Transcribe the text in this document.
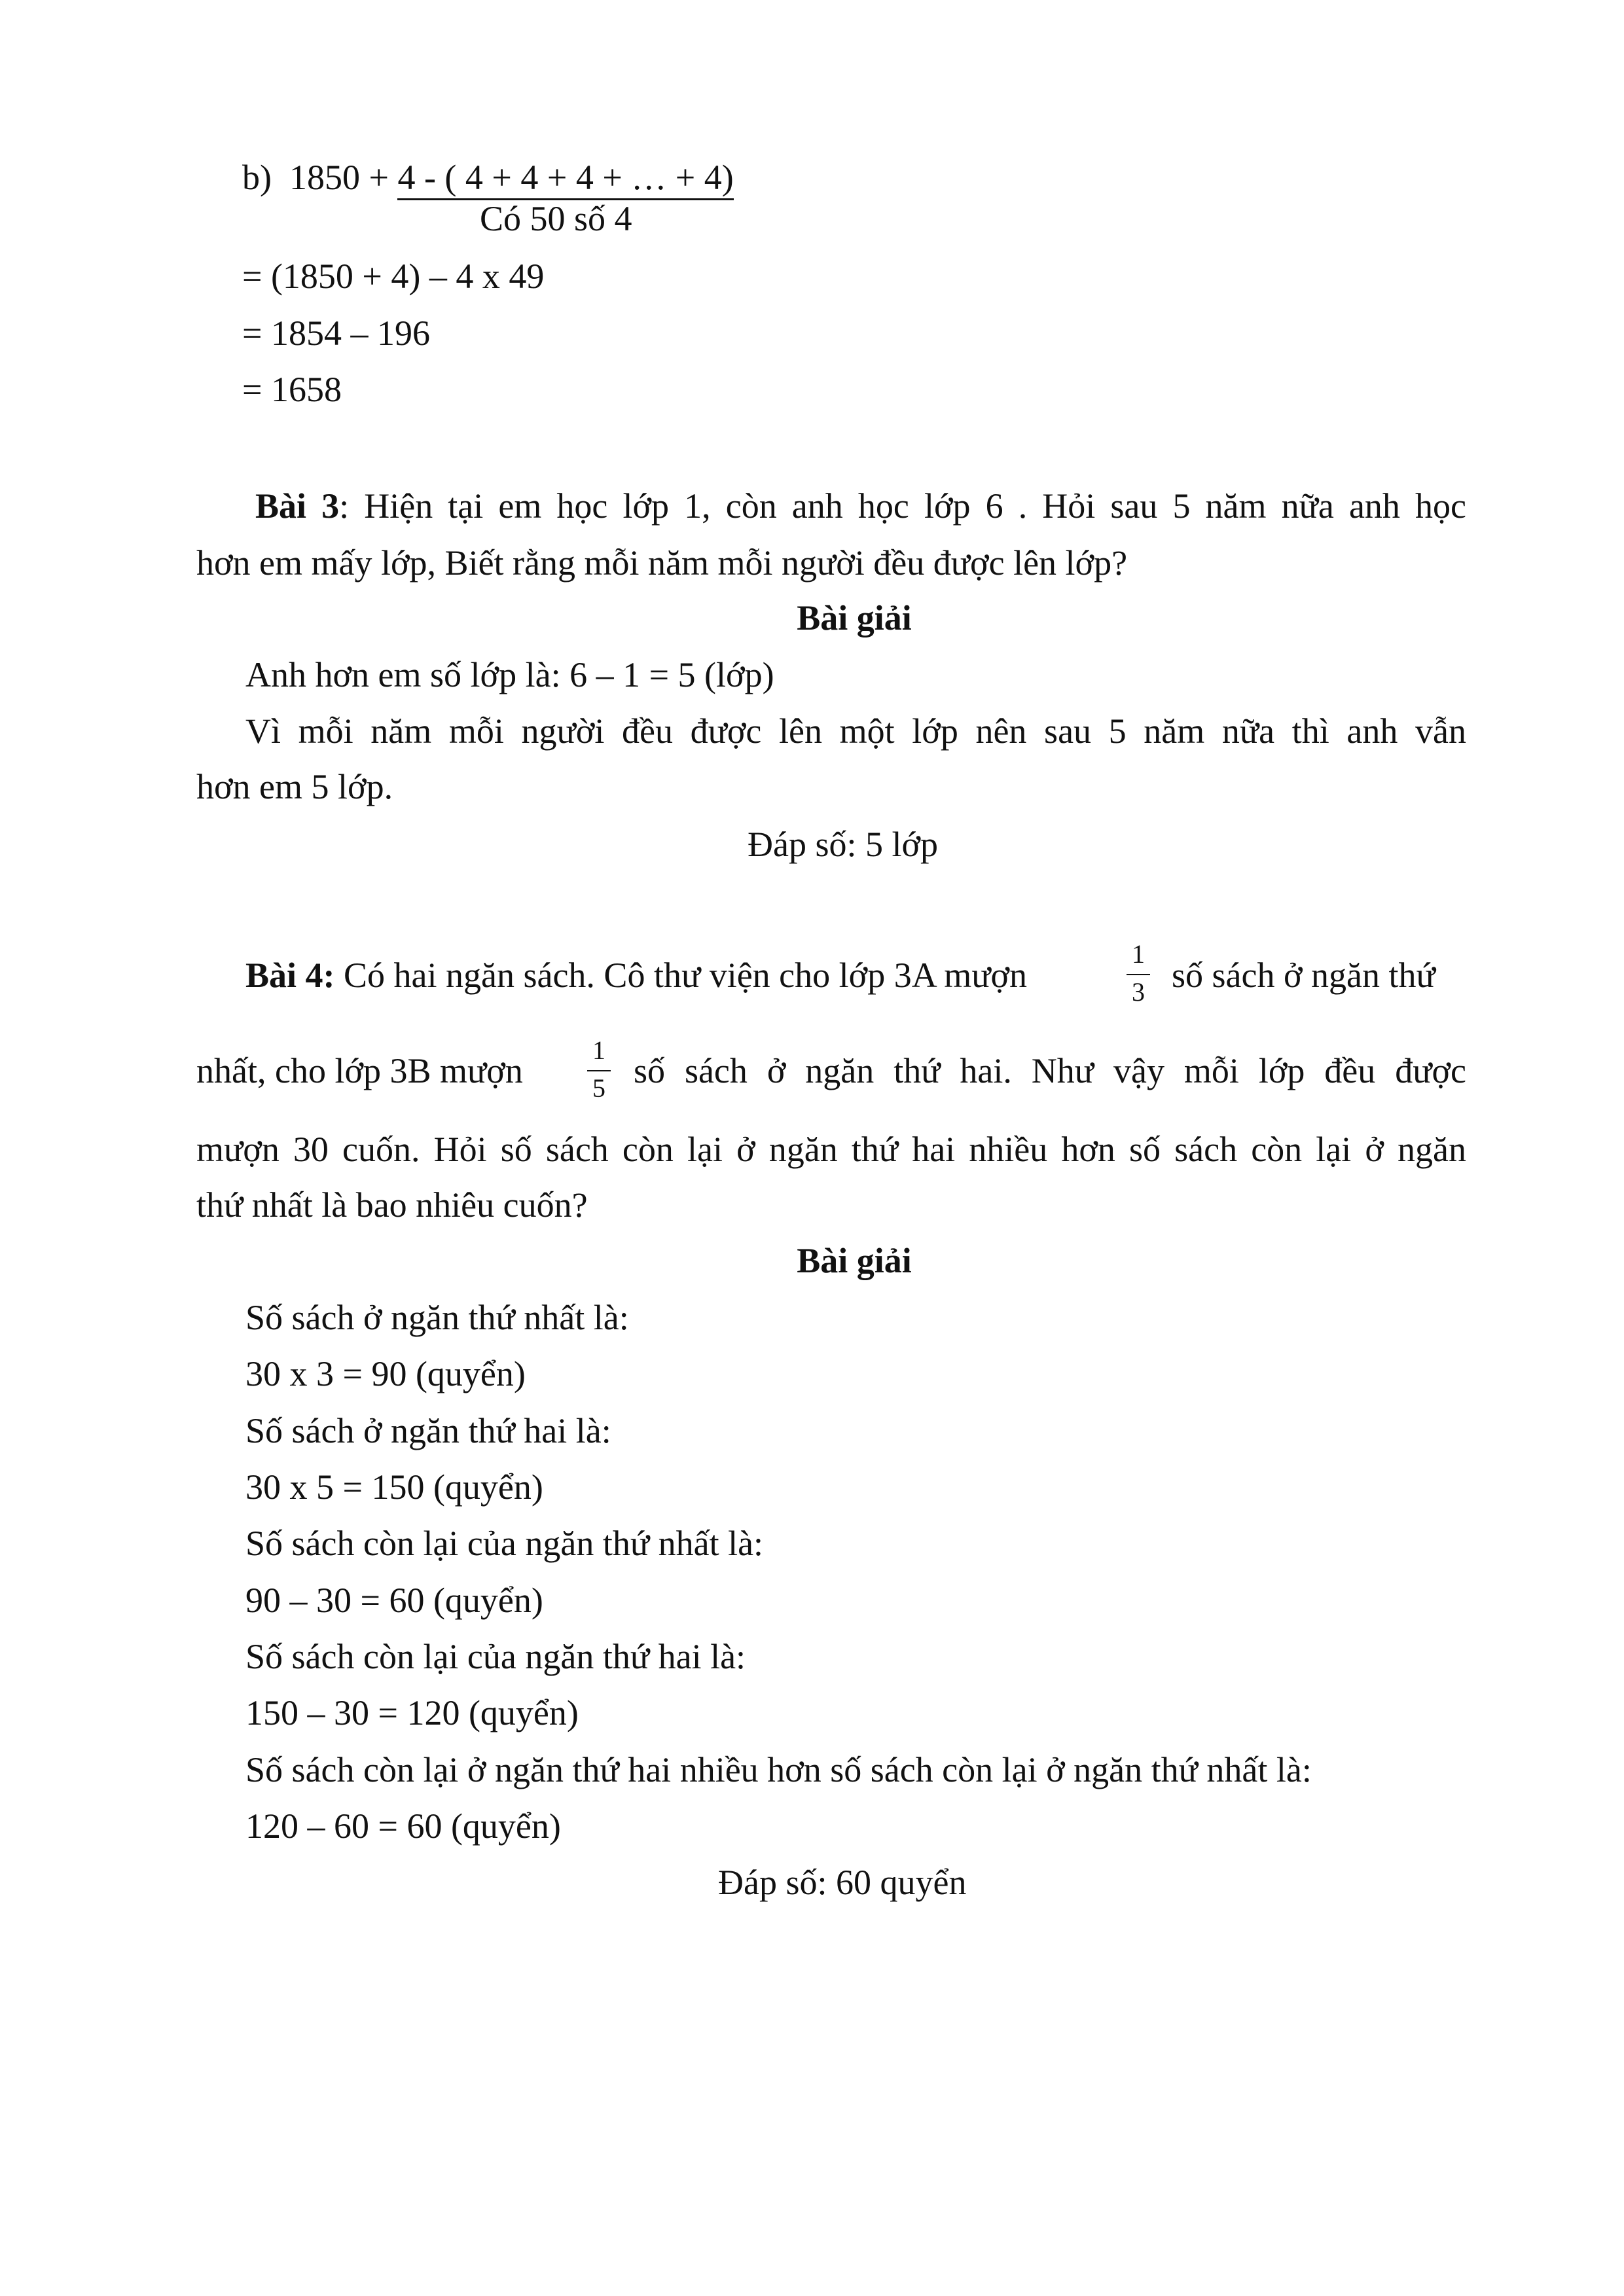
b) 1850 + 4 - ( 4 + 4 + 4 + … + 4)
Có 50 số 4
= (1850 + 4) – 4 x 49
= 1854 – 196
= 1658
Bài 3: Hiện tại em học lớp 1, còn anh học lớp 6 . Hỏi sau 5 năm nữa anh học
hơn em mấy lớp, Biết rằng mỗi năm mỗi người đều được lên lớp?
Bài giải
Anh hơn em số lớp là: 6 – 1 = 5 (lớp)
Vì mỗi năm mỗi người đều được lên một lớp nên sau 5 năm nữa thì anh vẫn
hơn em 5 lớp.
Đáp số: 5 lớp
Bài 4: Có hai ngăn sách. Cô thư viện cho lớp 3A mượn
1
3 số sách ở ngăn thứ
nhất, cho lớp 3B mượn
1
5 số sách ở ngăn thứ hai. Như vậy mỗi lớp đều được
mượn 30 cuốn. Hỏi số sách còn lại ở ngăn thứ hai nhiều hơn số sách còn lại ở ngăn
thứ nhất là bao nhiêu cuốn?
Bài giải
Số sách ở ngăn thứ nhất là:
30 x 3 = 90 (quyển)
Số sách ở ngăn thứ hai là:
30 x 5 = 150 (quyển)
Số sách còn lại của ngăn thứ nhất là:
90 – 30 = 60 (quyển)
Số sách còn lại của ngăn thứ hai là:
150 – 30 = 120 (quyển)
Số sách còn lại ở ngăn thứ hai nhiều hơn số sách còn lại ở ngăn thứ nhất là:
120 – 60 = 60 (quyển)
Đáp số: 60 quyển
